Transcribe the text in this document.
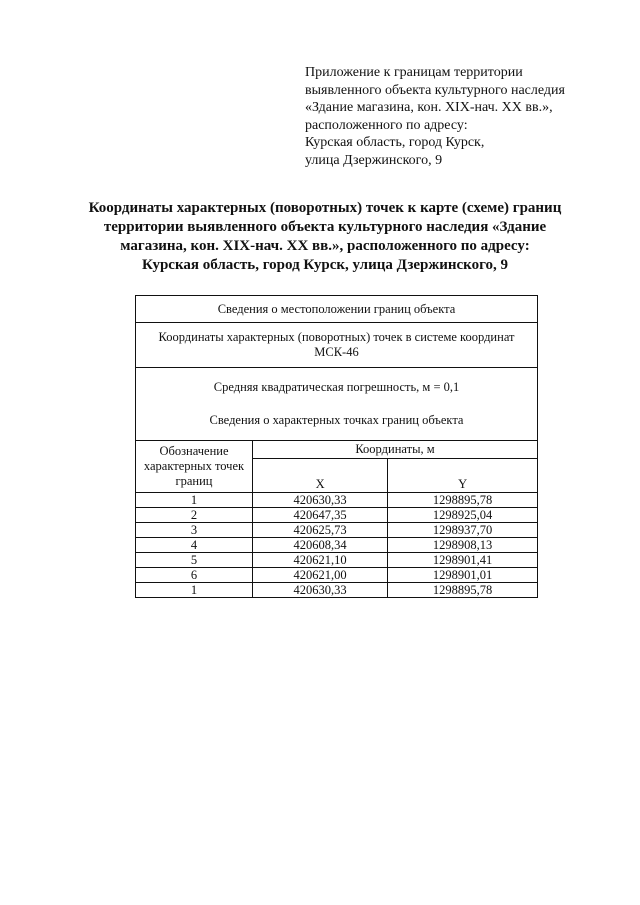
Приложение к границам территории
выявленного объекта культурного наследия
«Здание магазина, кон. XIX-нач. XX вв.»,
расположенного по адресу:
Курская область, город Курск,
улица Дзержинского, 9
Координаты характерных (поворотных) точек к карте (схеме) границ
территории выявленного объекта культурного наследия «Здание
магазина, кон. XIX-нач. XX вв.», расположенного по адресу:
Курская область, город Курск, улица Дзержинского, 9
Сведения о местоположении границ объекта		

Координаты характерных (поворотных) точек в системе координат
МСК-46		

Средняя квадратическая погрешность, м = 0,1
Сведения о характерных точках границ объекта		

Обозначение
характерных точек
границ	Координаты, м	
	X	Y
1	420630,33	1298895,78
2	420647,35	1298925,04
3	420625,73	1298937,70
4	420608,34	1298908,13
5	420621,10	1298901,41
6	420621,00	1298901,01
1	420630,33	1298895,78
